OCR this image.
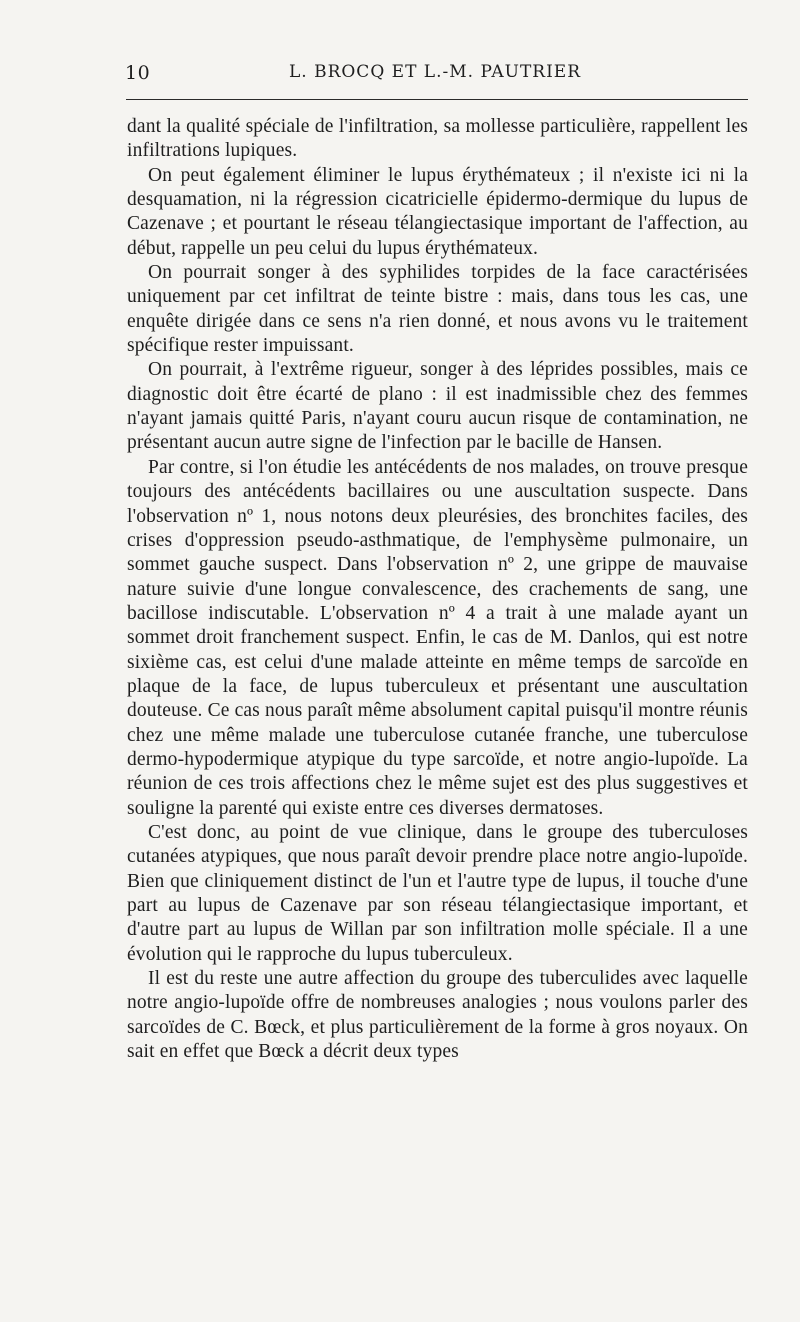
10	L. BROCQ ET L.-M. PAUTRIER

dant la qualité spéciale de l'infiltration, sa mollesse particulière, rappellent les infiltrations lupiques.

On peut également éliminer le lupus érythémateux ; il n'existe ici ni la desquamation, ni la régression cicatricielle épidermo-dermique du lupus de Cazenave ; et pourtant le réseau télangiectasique important de l'affection, au début, rappelle un peu celui du lupus érythémateux.

On pourrait songer à des syphilides torpides de la face caractérisées uniquement par cet infiltrat de teinte bistre : mais, dans tous les cas, une enquête dirigée dans ce sens n'a rien donné, et nous avons vu le traitement spécifique rester impuissant.

On pourrait, à l'extrême rigueur, songer à des léprides possibles, mais ce diagnostic doit être écarté de plano : il est inadmissible chez des femmes n'ayant jamais quitté Paris, n'ayant couru aucun risque de contamination, ne présentant aucun autre signe de l'infection par le bacille de Hansen.

Par contre, si l'on étudie les antécédents de nos malades, on trouve presque toujours des antécédents bacillaires ou une auscultation suspecte. Dans l'observation nº 1, nous notons deux pleurésies, des bronchites faciles, des crises d'oppression pseudo-asthmatique, de l'emphysème pulmonaire, un sommet gauche suspect. Dans l'observation nº 2, une grippe de mauvaise nature suivie d'une longue convalescence, des crachements de sang, une bacillose indiscutable. L'observation nº 4 a trait à une malade ayant un sommet droit franchement suspect. Enfin, le cas de M. Danlos, qui est notre sixième cas, est celui d'une malade atteinte en même temps de sarcoïde en plaque de la face, de lupus tuberculeux et présentant une auscultation douteuse. Ce cas nous paraît même absolument capital puisqu'il montre réunis chez une même malade une tuberculose cutanée franche, une tuberculose dermo-hypodermique atypique du type sarcoïde, et notre angio-lupoïde. La réunion de ces trois affections chez le même sujet est des plus suggestives et souligne la parenté qui existe entre ces diverses dermatoses.

C'est donc, au point de vue clinique, dans le groupe des tuberculoses cutanées atypiques, que nous paraît devoir prendre place notre angio-lupoïde. Bien que cliniquement distinct de l'un et l'autre type de lupus, il touche d'une part au lupus de Cazenave par son réseau télangiectasique important, et d'autre part au lupus de Willan par son infiltration molle spéciale. Il a une évolution qui le rapproche du lupus tuberculeux.

Il est du reste une autre affection du groupe des tuberculides avec laquelle notre angio-lupoïde offre de nombreuses analogies ; nous voulons parler des sarcoïdes de C. Bœck, et plus particulièrement de la forme à gros noyaux. On sait en effet que Bœck a décrit deux types
